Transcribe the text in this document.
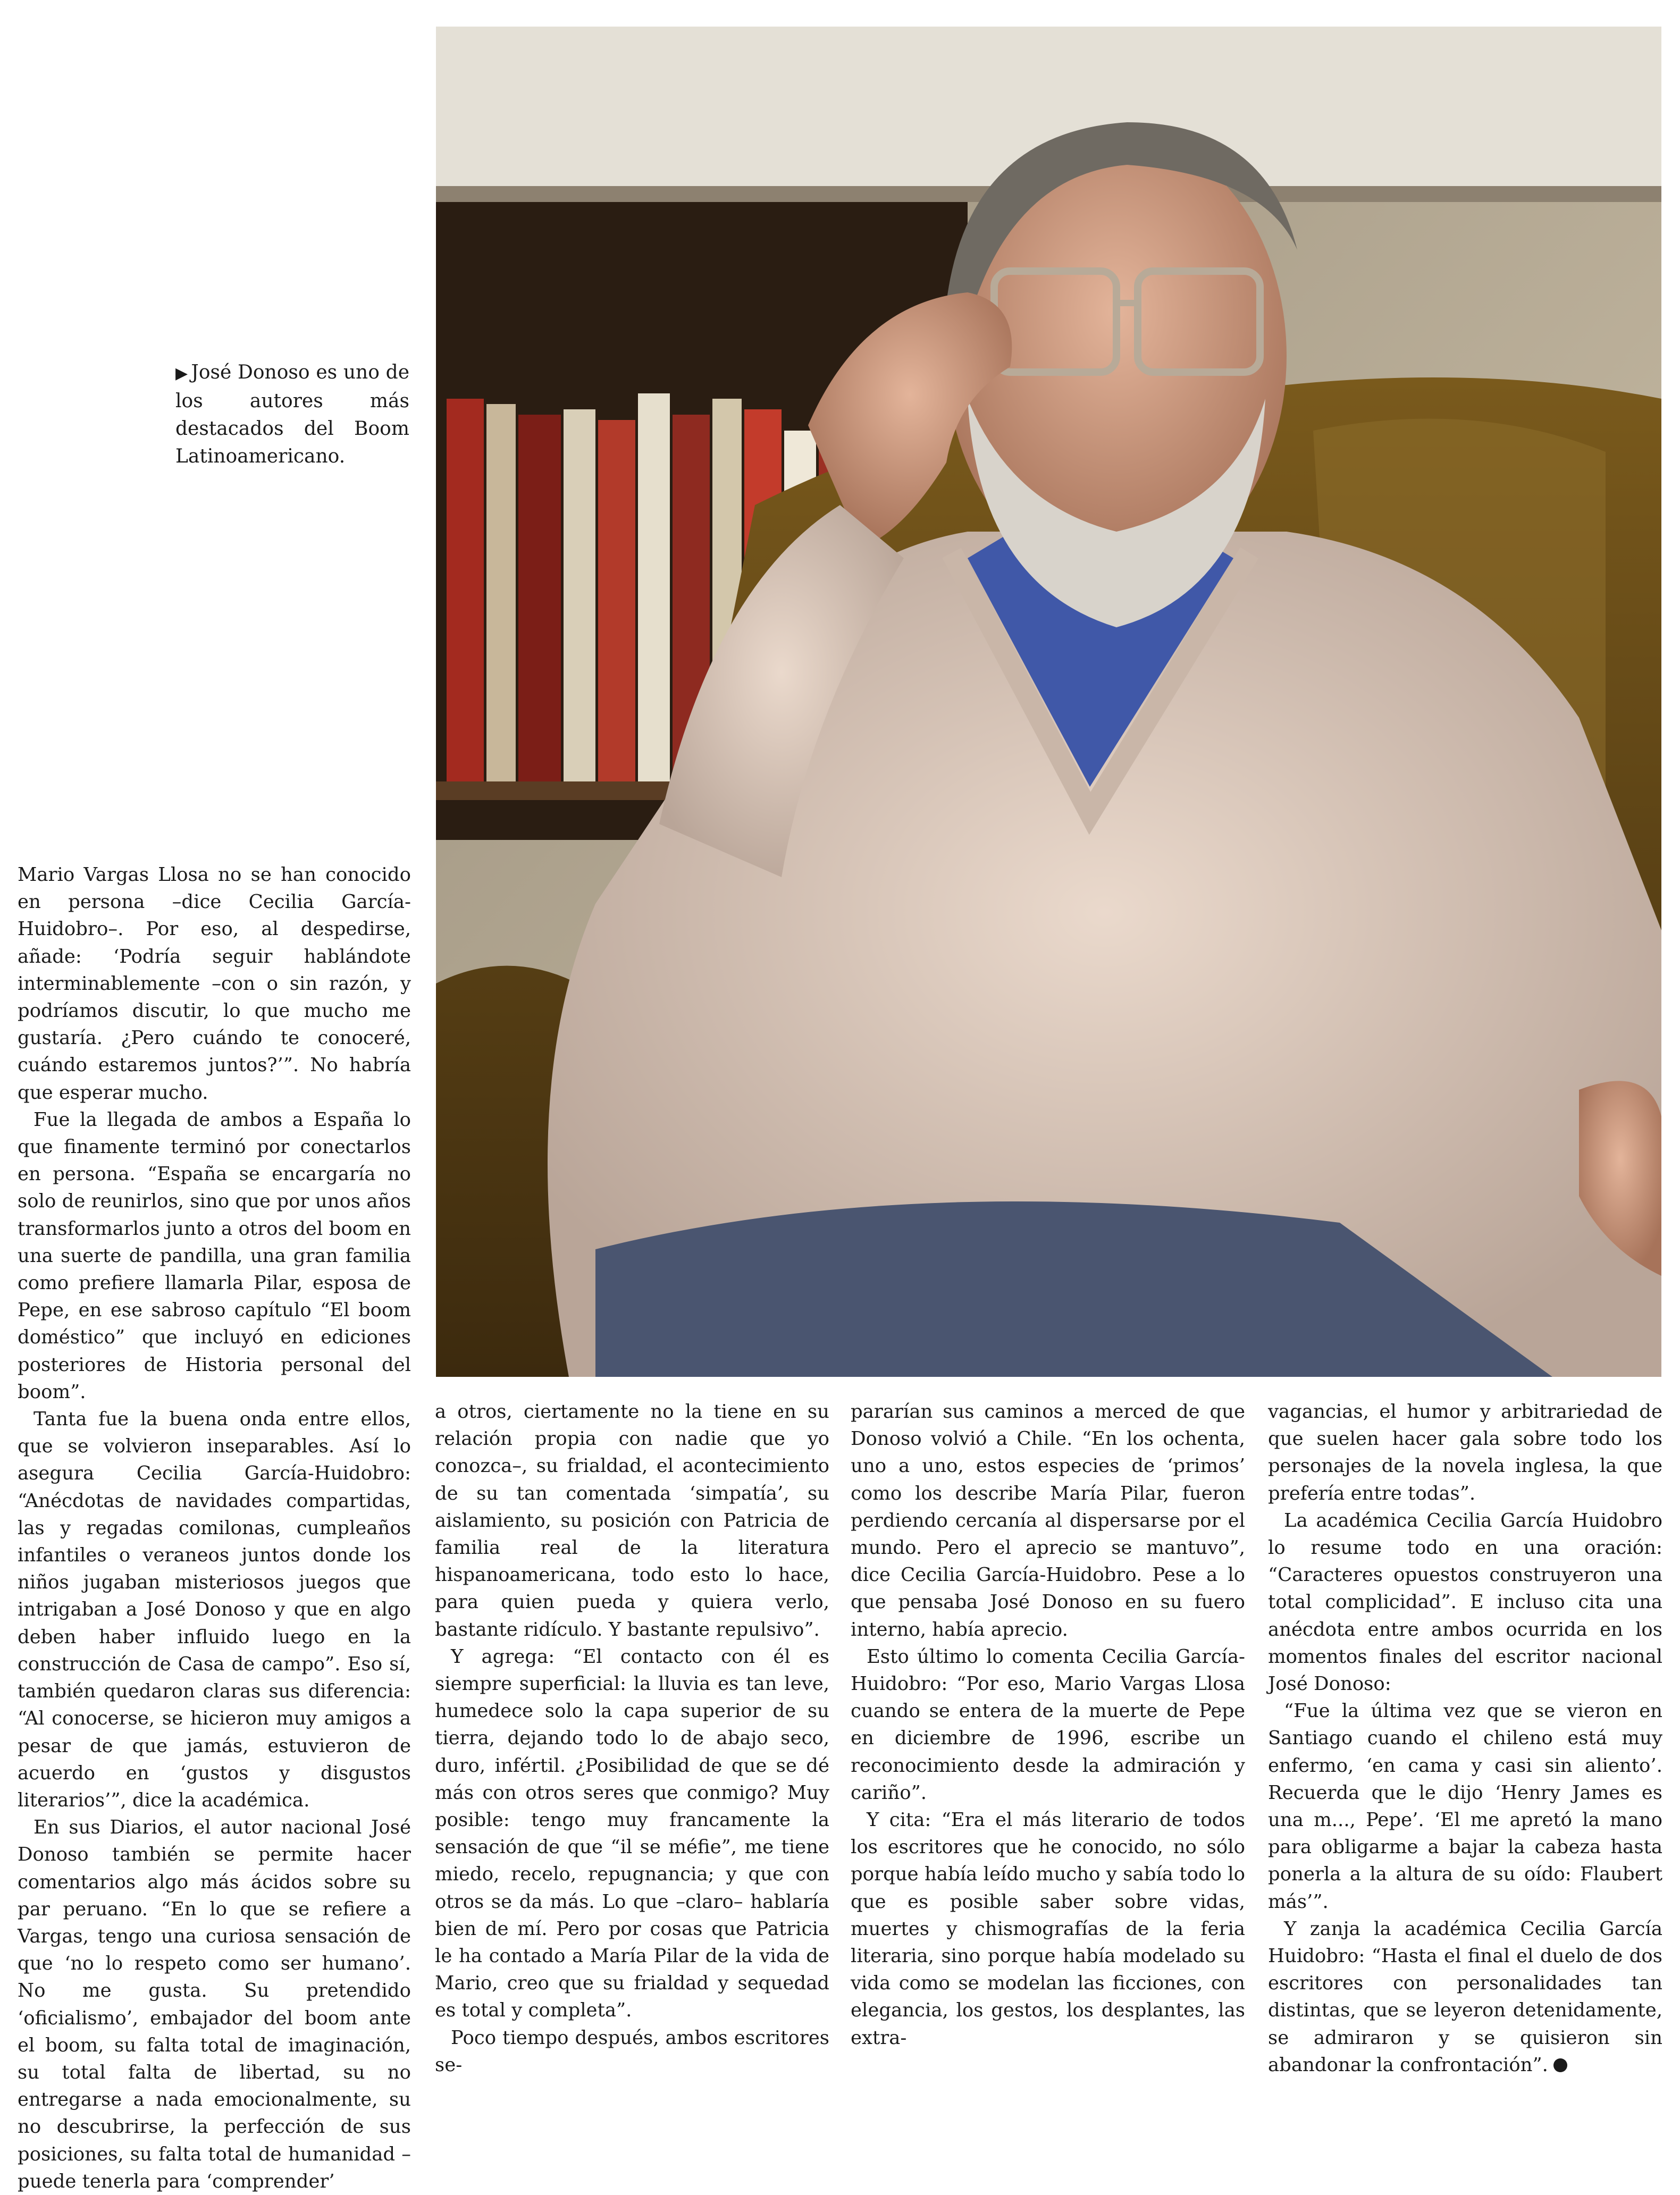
▶ José Donoso es uno de los autores más destacados del Boom Latinoamericano.

Mario Vargas Llosa no se han conocido en persona –dice Cecilia García-Huidobro–. Por eso, al despedirse, añade: ‘Podría seguir hablándote interminablemente –con o sin razón, y podríamos discutir, lo que mucho me gustaría. ¿Pero cuándo te conoceré, cuándo estaremos juntos?’”. No habría que esperar mucho.

Fue la llegada de ambos a España lo que finamente terminó por conectarlos en persona. “España se encargaría no solo de reunirlos, sino que por unos años transformarlos junto a otros del boom en una suerte de pandilla, una gran familia como prefiere llamarla Pilar, esposa de Pepe, en ese sabroso capítulo “El boom doméstico” que incluyó en ediciones posteriores de Historia personal del boom”.

Tanta fue la buena onda entre ellos, que se volvieron inseparables. Así lo asegura Cecilia García-Huidobro: “Anécdotas de navidades compartidas, las y regadas comilonas, cumpleaños infantiles o veraneos juntos donde los niños jugaban misteriosos juegos que intrigaban a José Donoso y que en algo deben haber influido luego en la construcción de Casa de campo”. Eso sí, también quedaron claras sus diferencia: “Al conocerse, se hicieron muy amigos a pesar de que jamás, estuvieron de acuerdo en ‘gustos y disgustos literarios’”, dice la académica.

En sus Diarios, el autor nacional José Donoso también se permite hacer comentarios algo más ácidos sobre su par peruano. “En lo que se refiere a Vargas, tengo una curiosa sensación de que ‘no lo respeto como ser humano’. No me gusta. Su pretendido ‘oficialismo’, embajador del boom ante el boom, su falta total de imaginación, su total falta de libertad, su no entregarse a nada emocionalmente, su no descubrirse, la perfección de sus posiciones, su falta total de humanidad –puede tenerla para ‘comprender’

a otros, ciertamente no la tiene en su relación propia con nadie que yo conozca–, su frialdad, el acontecimiento de su tan comentada ‘simpatía’, su aislamiento, su posición con Patricia de familia real de la literatura hispanoamericana, todo esto lo hace, para quien pueda y quiera verlo, bastante ridículo. Y bastante repulsivo”.

Y agrega: “El contacto con él es siempre superficial: la lluvia es tan leve, humedece solo la capa superior de su tierra, dejando todo lo de abajo seco, duro, infértil. ¿Posibilidad de que se dé más con otros seres que conmigo? Muy posible: tengo muy francamente la sensación de que “il se méfie”, me tiene miedo, recelo, repugnancia; y que con otros se da más. Lo que –claro– hablaría bien de mí. Pero por cosas que Patricia le ha contado a María Pilar de la vida de Mario, creo que su frialdad y sequedad es total y completa”.

Poco tiempo después, ambos escritores se-

pararían sus caminos a merced de que Donoso volvió a Chile. “En los ochenta, uno a uno, estos especies de ‘primos’ como los describe María Pilar, fueron perdiendo cercanía al dispersarse por el mundo. Pero el aprecio se mantuvo”, dice Cecilia García-Huidobro. Pese a lo que pensaba José Donoso en su fuero interno, había aprecio.

Esto último lo comenta Cecilia García-Huidobro: “Por eso, Mario Vargas Llosa cuando se entera de la muerte de Pepe en diciembre de 1996, escribe un reconocimiento desde la admiración y cariño”.

Y cita: “Era el más literario de todos los escritores que he conocido, no sólo porque había leído mucho y sabía todo lo que es posible saber sobre vidas, muertes y chismografías de la feria literaria, sino porque había modelado su vida como se modelan las ficciones, con elegancia, los gestos, los desplantes, las extra-

vagancias, el humor y arbitrariedad de que suelen hacer gala sobre todo los personajes de la novela inglesa, la que prefería entre todas”.

La académica Cecilia García Huidobro lo resume todo en una oración: “Caracteres opuestos construyeron una total complicidad”. E incluso cita una anécdota entre ambos ocurrida en los momentos finales del escritor nacional José Donoso:

“Fue la última vez que se vieron en Santiago cuando el chileno está muy enfermo, ‘en cama y casi sin aliento’. Recuerda que le dijo ‘Henry James es una m..., Pepe’. ‘El me apretó la mano para obligarme a bajar la cabeza hasta ponerla a la altura de su oído: Flaubert más’”.

Y zanja la académica Cecilia García Huidobro: “Hasta el final el duelo de dos escritores con personalidades tan distintas, que se leyeron detenidamente, se admiraron y se quisieron sin abandonar la confrontación”.
